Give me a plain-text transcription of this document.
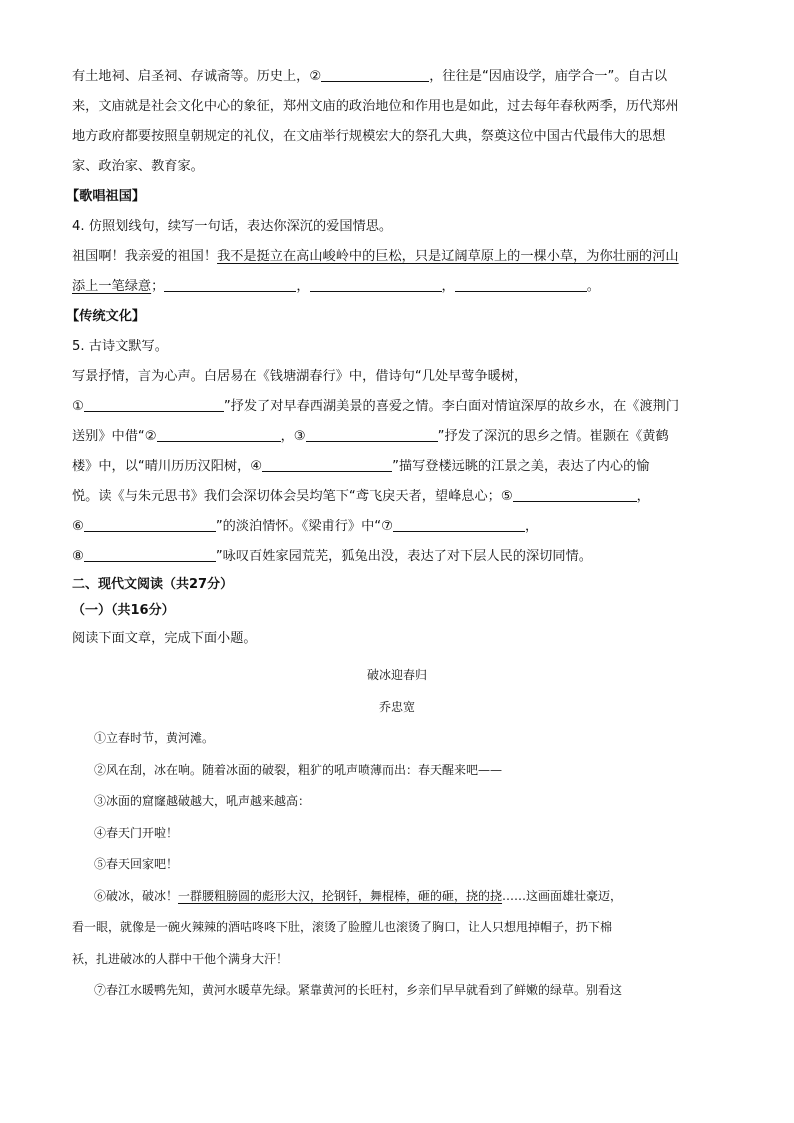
有土地祠、启圣祠、存诚斋等。历史上，②	，往往是“因庙设学，庙学合一”。自古以

来，文庙就是社会文化中心的象征，郑州文庙的政治地位和作用也是如此，过去每年春秋两季，历代郑州

地方政府都要按照皇朝规定的礼仪，在文庙举行规模宏大的祭孔大典，祭奠这位中国古代最伟大的思想

家、政治家、教育家。

【歌唱祖国】

4. 仿照划线句，续写一句话，表达你深沉的爱国情思。

祖国啊！我亲爱的祖国！我不是挺立在高山峻岭中的巨松，只是辽阔草原上的一棵小草，为你壮丽的河山

添上一笔绿意；	，	，	。

【传统文化】

5. 古诗文默写。

写景抒情，言为心声。白居易在《钱塘湖春行》中，借诗句“几处早莺争暖树，

①	”抒发了对早春西湖美景的喜爱之情。李白面对情谊深厚的故乡水，在《渡荆门

送别》中借“②	，③	”抒发了深沉的思乡之情。崔颢在《黄鹤

楼》中，以“晴川历历汉阳树，④	”描写登楼远眺的江景之美，表达了内心的愉

悦。读《与朱元思书》我们会深切体会吴均笔下“鸢飞戾天者，望峰息心；⑤	，

⑥	”的淡泊情怀。《梁甫行》中“⑦	，

⑧	”咏叹百姓家园荒芜，狐兔出没，表达了对下层人民的深切同情。

二、现代文阅读（共27分）

（一）（共16分）

阅读下面文章，完成下面小题。

破冰迎春归

乔忠宽

①立春时节，黄河滩。

②风在刮，冰在响。随着冰面的破裂，粗犷的吼声喷薄而出：春天醒来吧——

③冰面的窟窿越破越大，吼声越来越高：

④春天门开啦！

⑤春天回家吧！

⑥破冰，破冰！一群腰粗膀圆的彪形大汉，抡钢钎，舞棍棒，砸的砸，挠的挠……这画面雄壮豪迈，

看一眼，就像是一碗火辣辣的酒咕咚咚下肚，滚烫了脸膛儿也滚烫了胸口，让人只想甩掉帽子，扔下棉

袄，扎进破冰的人群中干他个满身大汗！

⑦春江水暖鸭先知，黄河水暖草先绿。紧靠黄河的长旺村，乡亲们早早就看到了鲜嫩的绿草。别看这
